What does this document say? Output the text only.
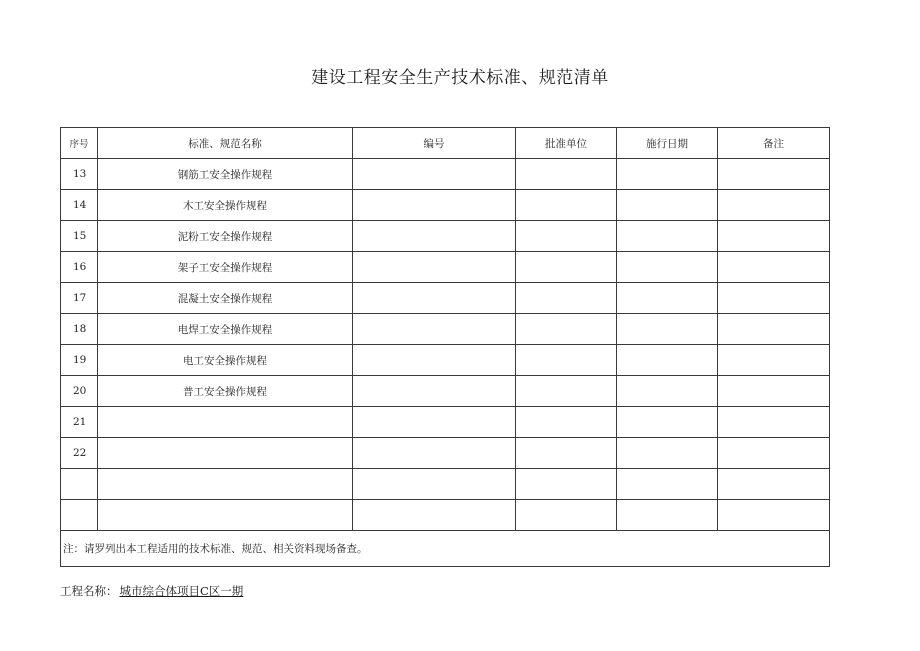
建设工程安全生产技术标准、规范清单
序号	标准、规范名称	编号	批准单位	施行日期	备注
13	钢筋工安全操作规程				
14	木工安全操作规程				
15	泥粉工安全操作规程				
16	架子工安全操作规程				
17	混凝土安全操作规程				
18	电焊工安全操作规程				
19	电工安全操作规程				
20	普工安全操作规程				
21					
22					

注：请罗列出本工程适用的技术标准、规范、相关资料现场备查。					
工程名称： 城市综合体项目C区一期
